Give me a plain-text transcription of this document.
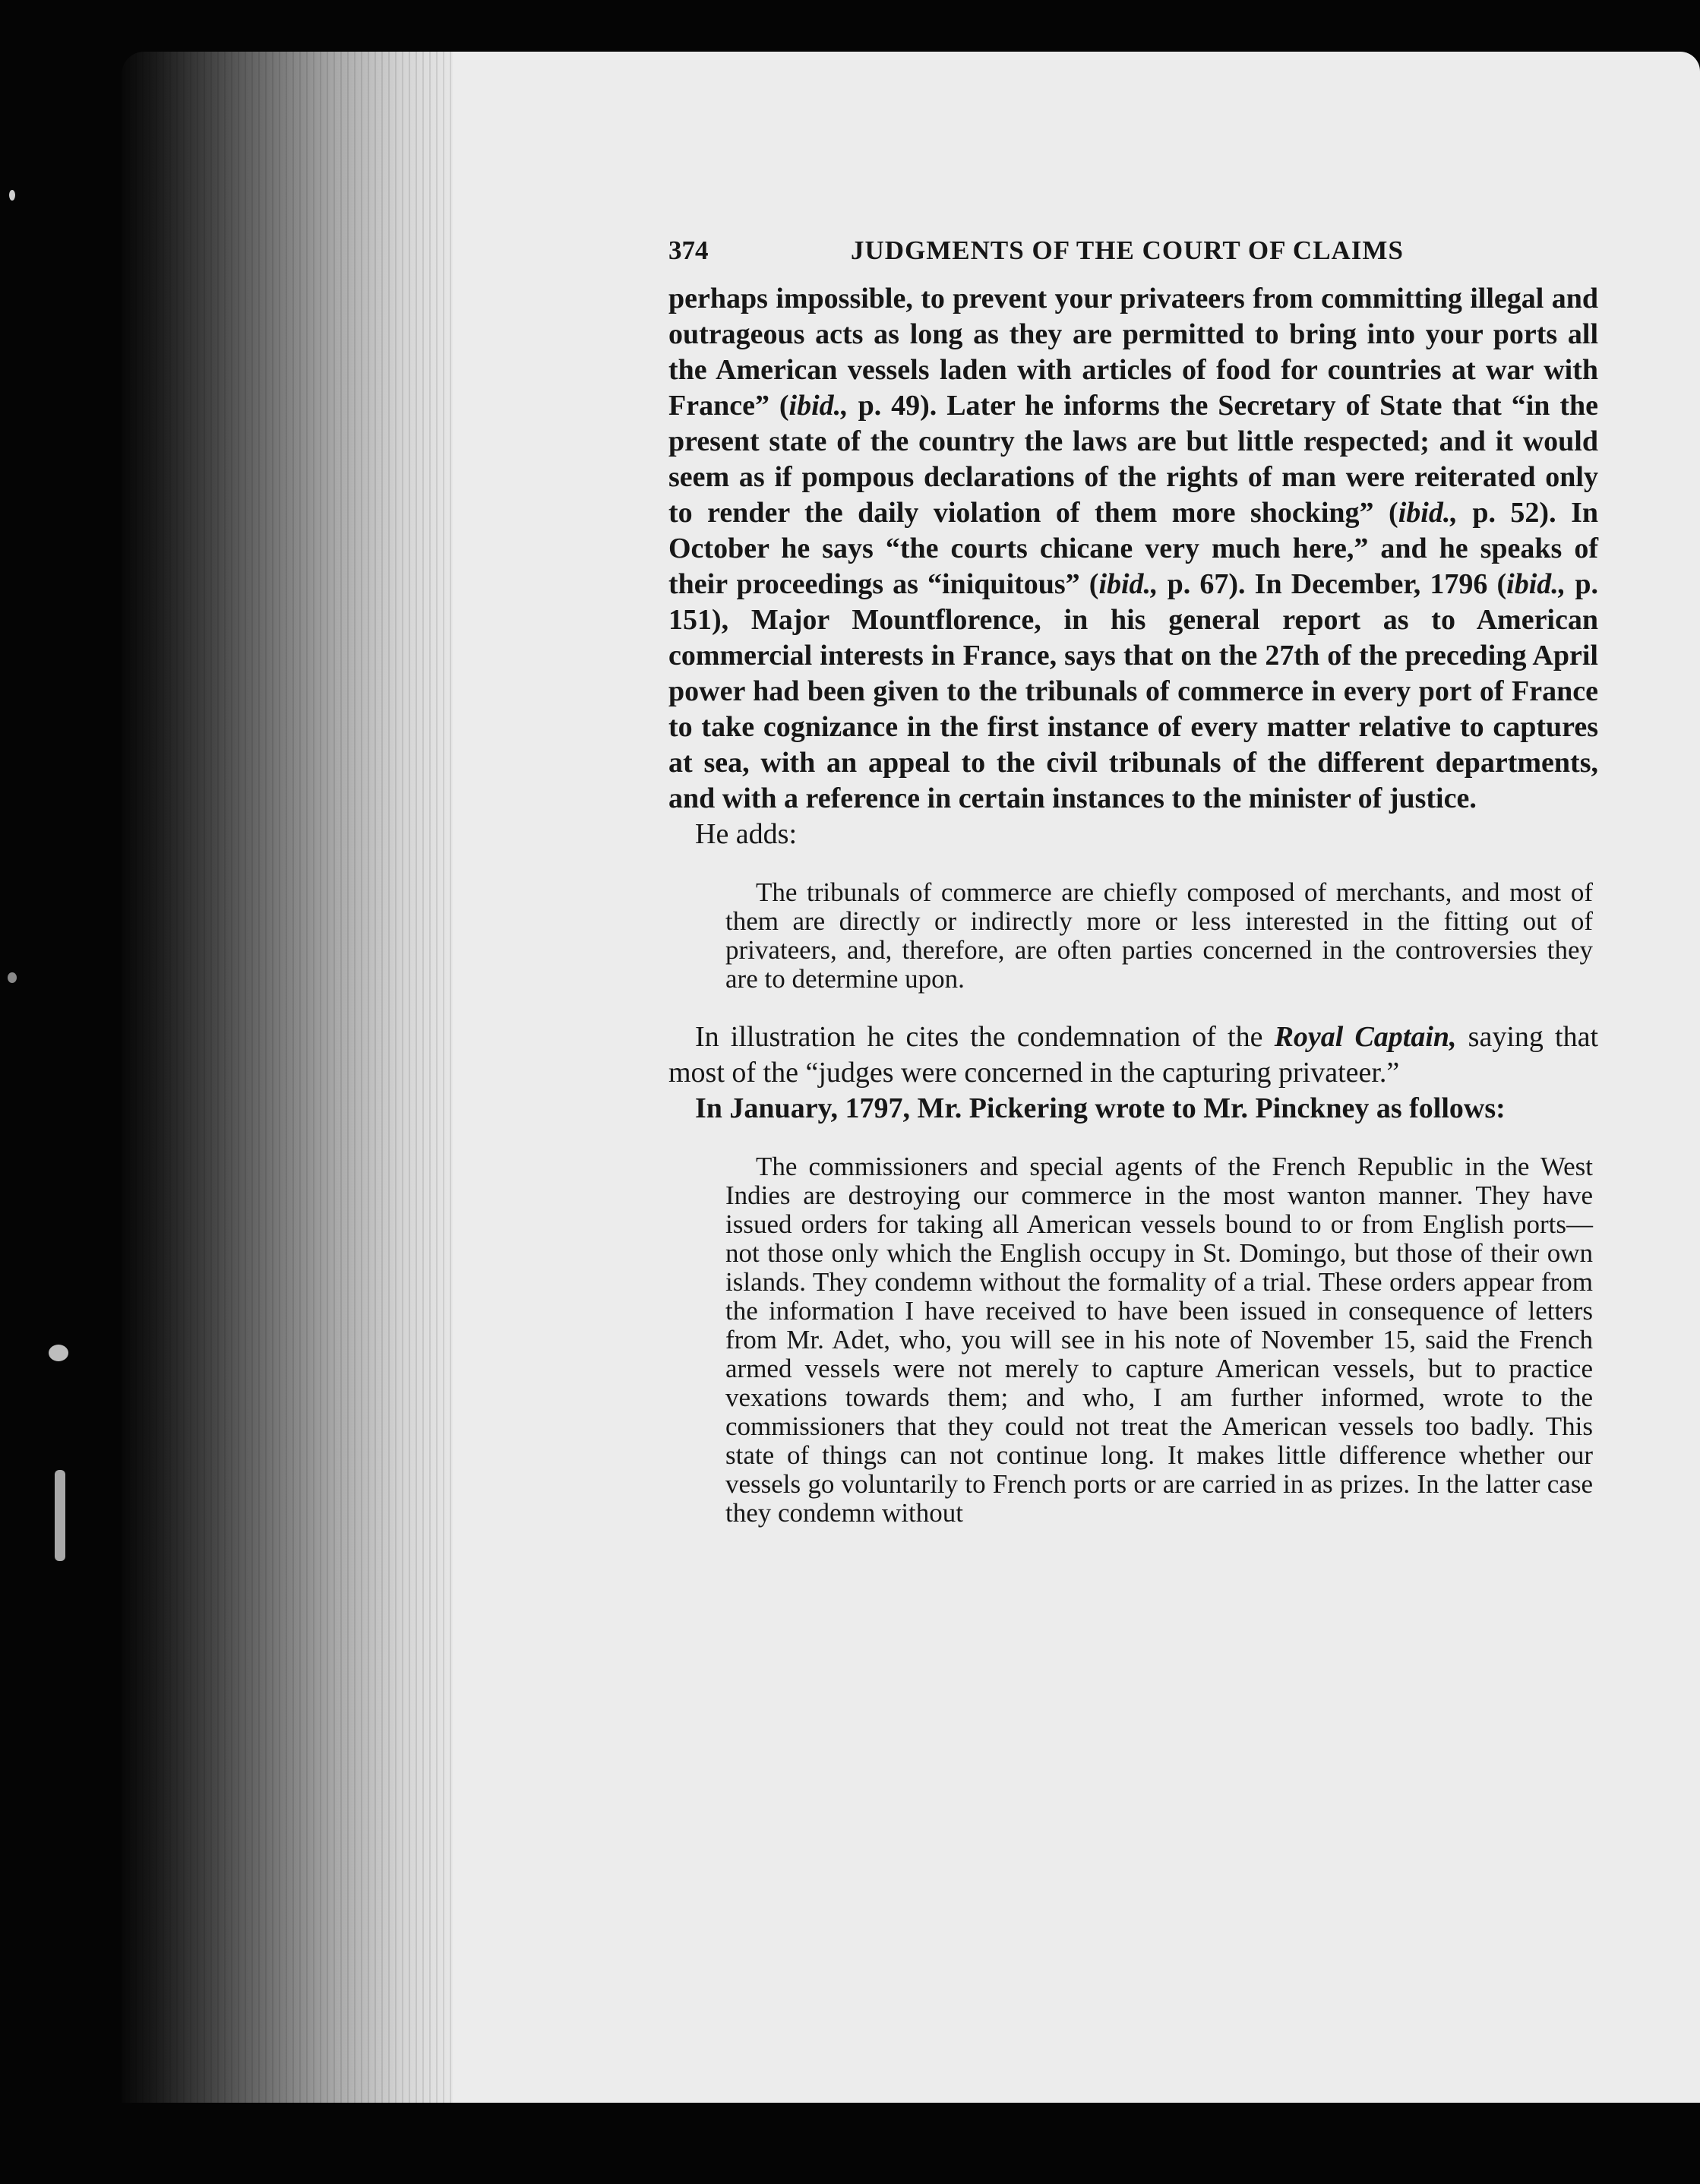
374	JUDGMENTS OF THE COURT OF CLAIMS

perhaps impossible, to prevent your privateers from committing illegal and outrageous acts as long as they are permitted to bring into your ports all the American vessels laden with articles of food for countries at war with France” (ibid., p. 49). Later he informs the Secretary of State that “in the present state of the country the laws are but little respected; and it would seem as if pompous declarations of the rights of man were reiterated only to render the daily violation of them more shocking” (ibid., p. 52). In October he says “the courts chicane very much here,” and he speaks of their proceedings as “iniquitous” (ibid., p. 67). In December, 1796 (ibid., p. 151), Major Mountflorence, in his general report as to American commercial interests in France, says that on the 27th of the preceding April power had been given to the tribunals of commerce in every port of France to take cognizance in the first instance of every matter relative to captures at sea, with an appeal to the civil tribunals of the different departments, and with a reference in certain instances to the minister of justice.

He adds:

The tribunals of commerce are chiefly composed of merchants, and most of them are directly or indirectly more or less interested in the fitting out of privateers, and, therefore, are often parties concerned in the controversies they are to determine upon.

In illustration he cites the condemnation of the Royal Captain, saying that most of the “judges were concerned in the capturing privateer.”

In January, 1797, Mr. Pickering wrote to Mr. Pinckney as follows:

The commissioners and special agents of the French Republic in the West Indies are destroying our commerce in the most wanton manner. They have issued orders for taking all American vessels bound to or from English ports—not those only which the English occupy in St. Domingo, but those of their own islands. They condemn without the formality of a trial. These orders appear from the information I have received to have been issued in consequence of letters from Mr. Adet, who, you will see in his note of November 15, said the French armed vessels were not merely to capture American vessels, but to practice vexations towards them; and who, I am further informed, wrote to the commissioners that they could not treat the American vessels too badly. This state of things can not continue long. It makes little difference whether our vessels go voluntarily to French ports or are carried in as prizes. In the latter case they condemn without
